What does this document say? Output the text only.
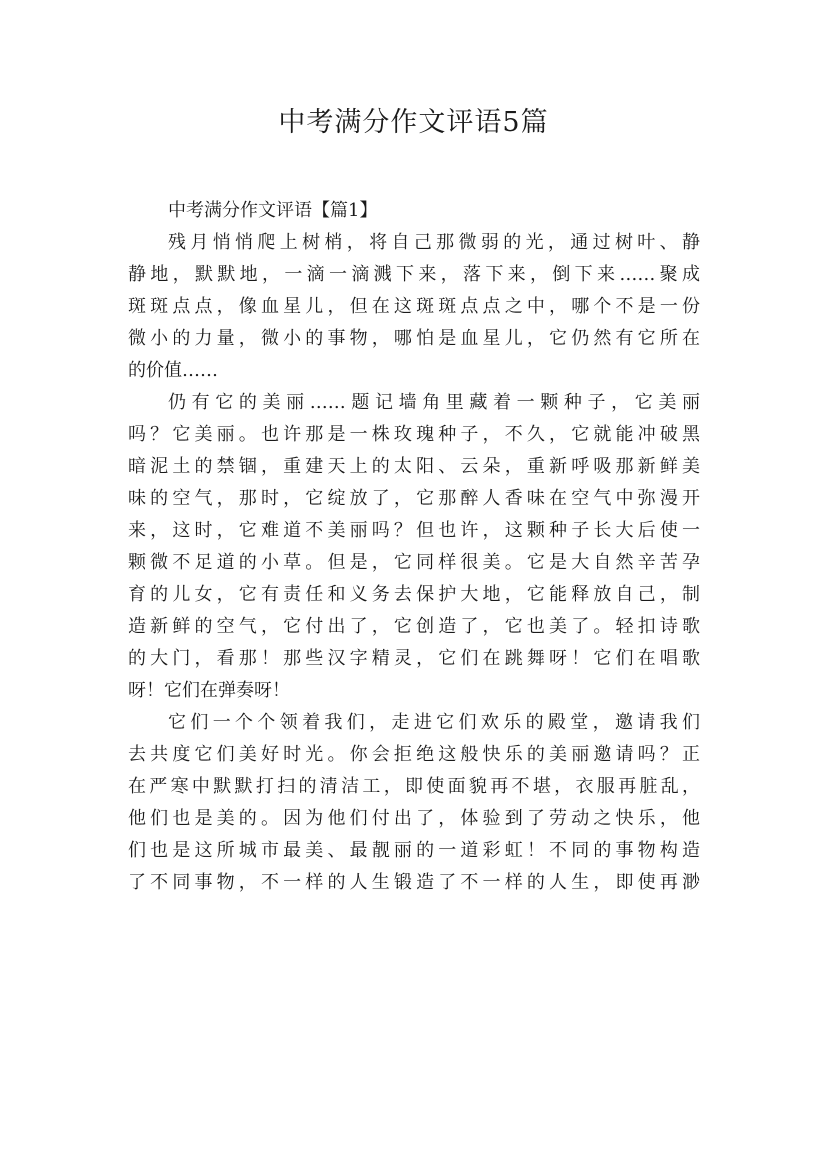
中考满分作文评语5篇
中考满分作文评语【篇1】

残月悄悄爬上树梢，将自己那微弱的光，通过树叶、静
静地，默默地，一滴一滴溅下来，落下来，倒下来……聚成
斑斑点点，像血星儿，但在这斑斑点点之中，哪个不是一份
微小的力量，微小的事物，哪怕是血星儿，它仍然有它所在
的价值……

仍有它的美丽……题记墙角里藏着一颗种子，它美丽
吗？它美丽。也许那是一株玫瑰种子，不久，它就能冲破黑
暗泥土的禁锢，重建天上的太阳、云朵，重新呼吸那新鲜美
味的空气，那时，它绽放了，它那醉人香味在空气中弥漫开
来，这时，它难道不美丽吗？但也许，这颗种子长大后使一
颗微不足道的小草。但是，它同样很美。它是大自然辛苦孕
育的儿女，它有责任和义务去保护大地，它能释放自己，制
造新鲜的空气，它付出了，它创造了，它也美了。轻扣诗歌
的大门，看那！那些汉字精灵，它们在跳舞呀！它们在唱歌
呀！它们在弹奏呀！

它们一个个领着我们，走进它们欢乐的殿堂，邀请我们
去共度它们美好时光。你会拒绝这般快乐的美丽邀请吗？正
在严寒中默默打扫的清洁工，即使面貌再不堪，衣服再脏乱，
他们也是美的。因为他们付出了，体验到了劳动之快乐，他
们也是这所城市最美、最靓丽的一道彩虹！不同的事物构造
了不同事物，不一样的人生锻造了不一样的人生，即使再渺
